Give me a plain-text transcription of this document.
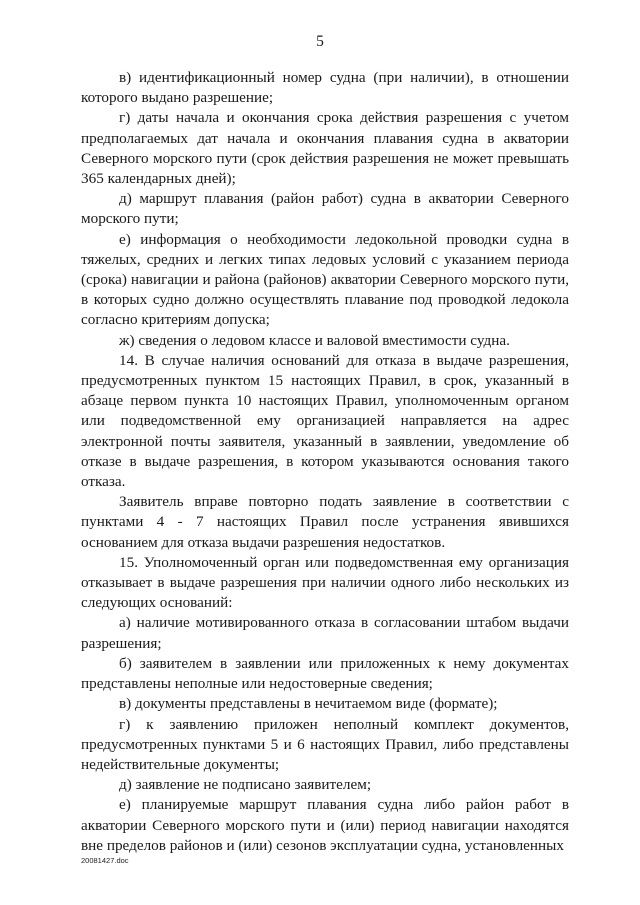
5

в) идентификационный номер судна (при наличии), в отношении которого выдано разрешение;

г) даты начала и окончания срока действия разрешения с учетом предполагаемых дат начала и окончания плавания судна в акватории Северного морского пути (срок действия разрешения не может превышать 365 календарных дней);

д) маршрут плавания (район работ) судна в акватории Северного морского пути;

е) информация о необходимости ледокольной проводки судна в тяжелых, средних и легких типах ледовых условий с указанием периода (срока) навигации и района (районов) акватории Северного морского пути, в которых судно должно осуществлять плавание под проводкой ледокола согласно критериям допуска;

ж) сведения о ледовом классе и валовой вместимости судна.

14. В случае наличия оснований для отказа в выдаче разрешения, предусмотренных пунктом 15 настоящих Правил, в срок, указанный в абзаце первом пункта 10 настоящих Правил, уполномоченным органом или подведомственной ему организацией направляется на адрес электронной почты заявителя, указанный в заявлении, уведомление об отказе в выдаче разрешения, в котором указываются основания такого отказа.

Заявитель вправе повторно подать заявление в соответствии с пунктами 4 - 7 настоящих Правил после устранения явившихся основанием для отказа выдачи разрешения недостатков.

15. Уполномоченный орган или подведомственная ему организация отказывает в выдаче разрешения при наличии одного либо нескольких из следующих оснований:

а) наличие мотивированного отказа в согласовании штабом выдачи разрешения;

б) заявителем в заявлении или приложенных к нему документах представлены неполные или недостоверные сведения;

в) документы представлены в нечитаемом виде (формате);

г) к заявлению приложен неполный комплект документов, предусмотренных пунктами 5 и 6 настоящих Правил, либо представлены недействительные документы;

д) заявление не подписано заявителем;

е) планируемые маршрут плавания судна либо район работ в акватории Северного морского пути и (или) период навигации находятся вне пределов районов и (или) сезонов эксплуатации судна, установленных

20081427.doc
